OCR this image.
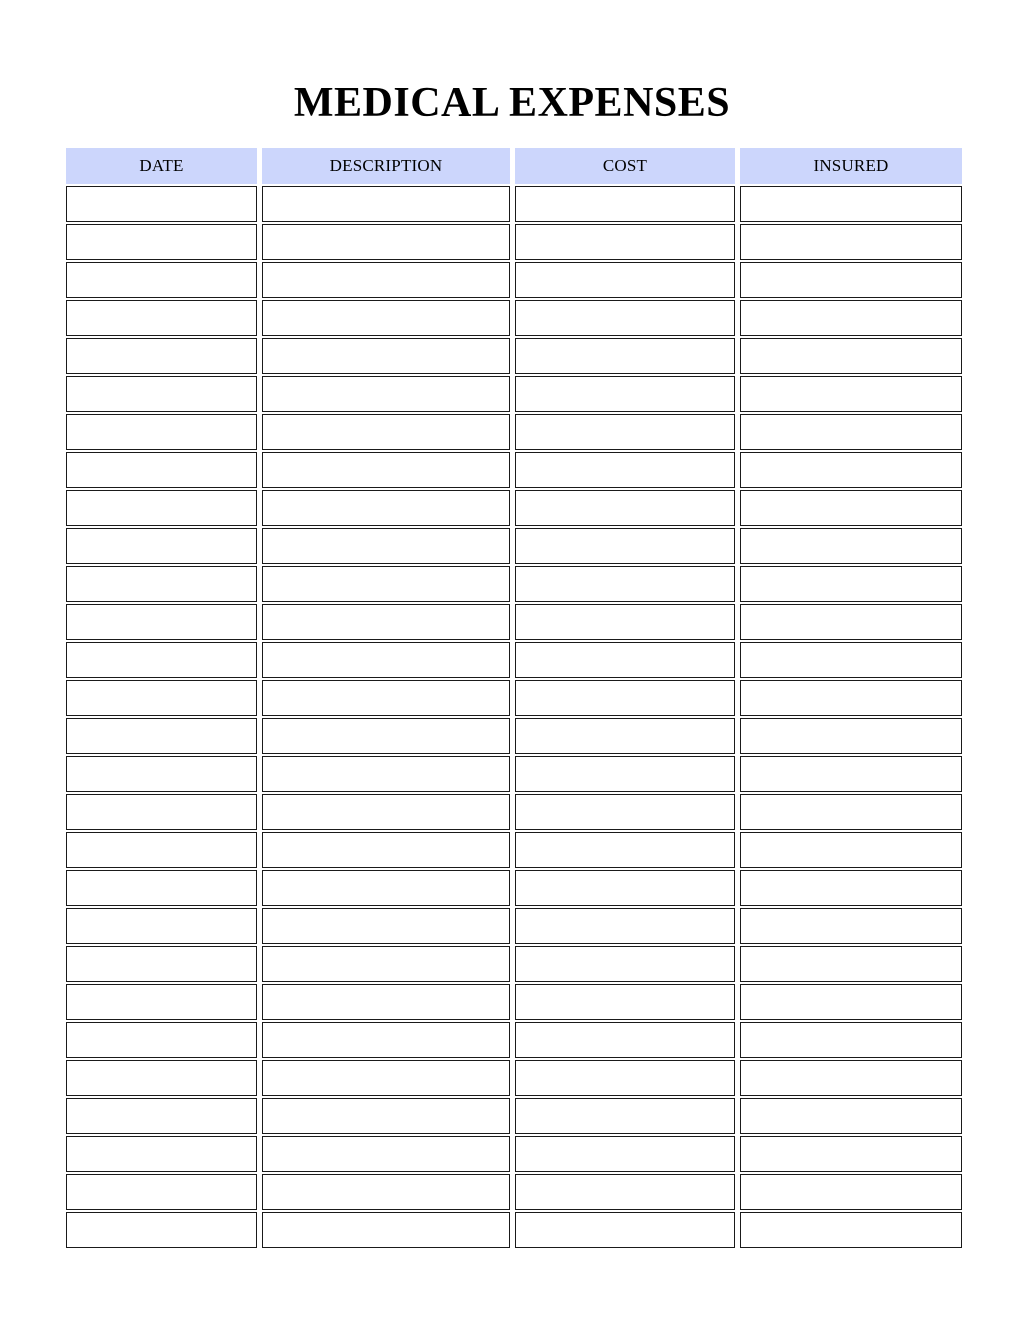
MEDICAL EXPENSES
DATE	DESCRIPTION	COST	INSURED
